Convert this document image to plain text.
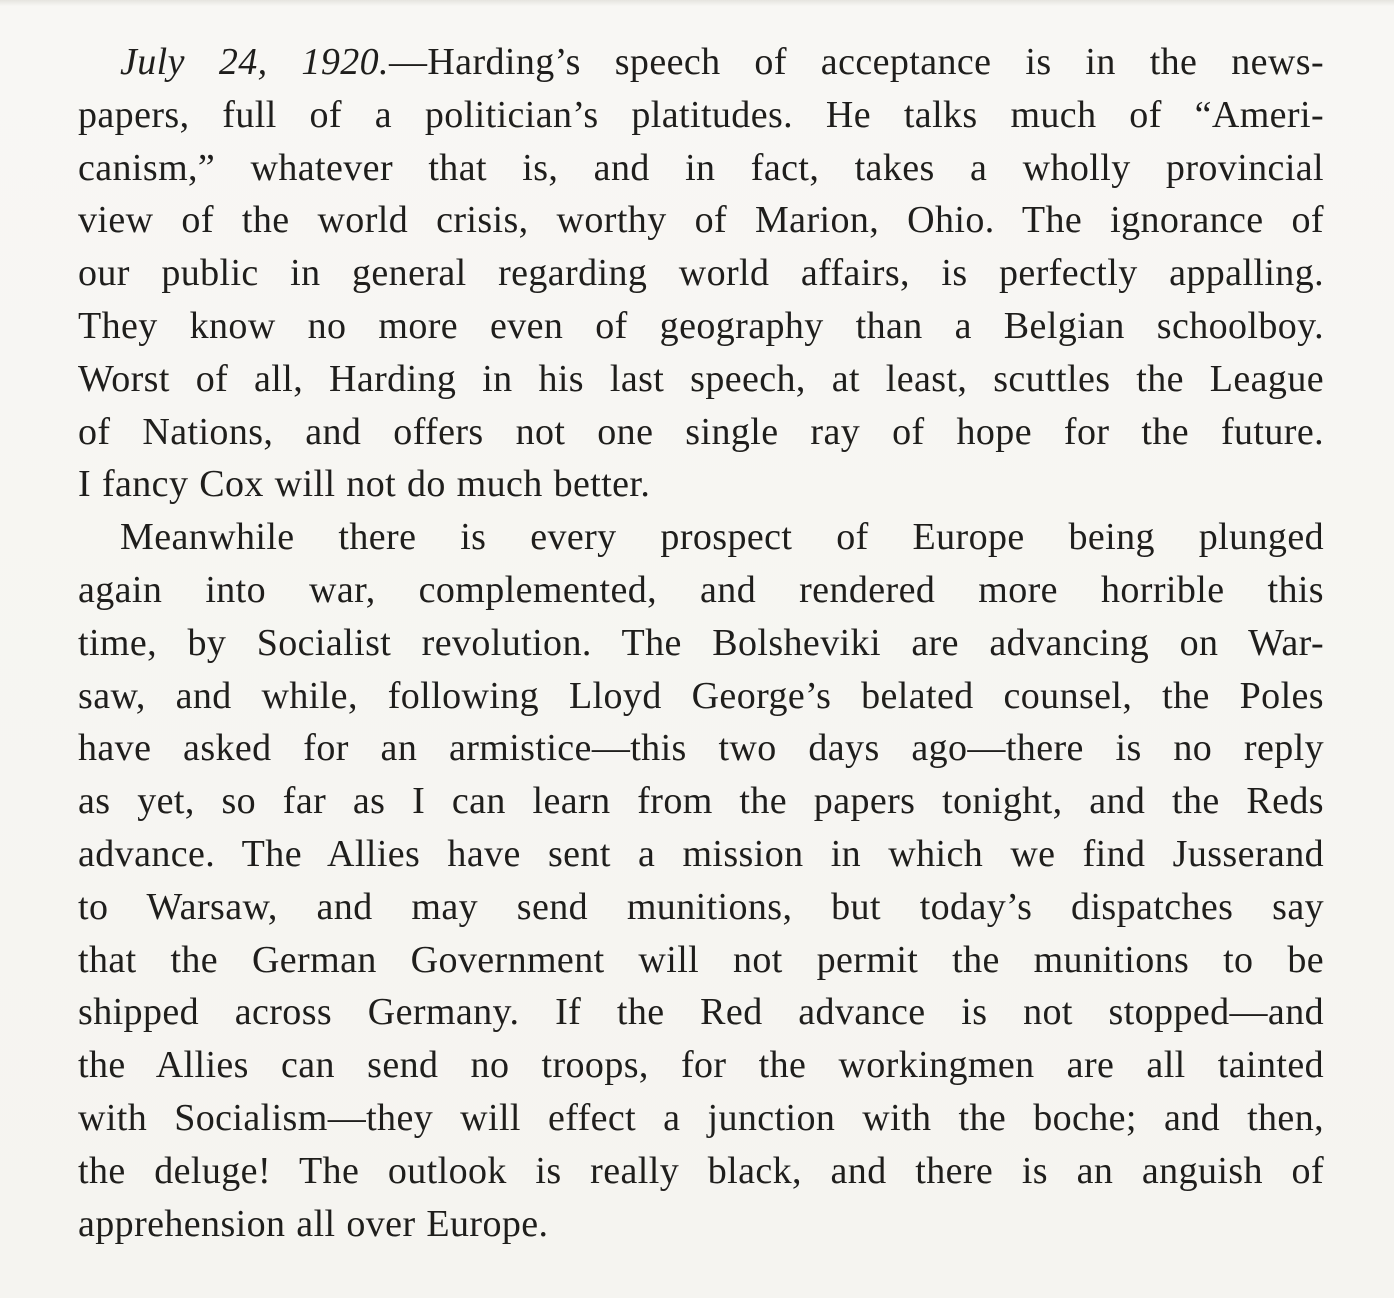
July 24, 1920.—Harding’s speech of acceptance is in the news-
papers, full of a politician’s platitudes. He talks much of “Ameri-
canism,” whatever that is, and in fact, takes a wholly provincial
view of the world crisis, worthy of Marion, Ohio. The ignorance of
our public in general regarding world affairs, is perfectly appalling.
They know no more even of geography than a Belgian schoolboy.
Worst of all, Harding in his last speech, at least, scuttles the League
of Nations, and offers not one single ray of hope for the future.
I fancy Cox will not do much better.

Meanwhile there is every prospect of Europe being plunged
again into war, complemented, and rendered more horrible this
time, by Socialist revolution. The Bolsheviki are advancing on War-
saw, and while, following Lloyd George’s belated counsel, the Poles
have asked for an armistice—this two days ago—there is no reply
as yet, so far as I can learn from the papers tonight, and the Reds
advance. The Allies have sent a mission in which we find Jusserand
to Warsaw, and may send munitions, but today’s dispatches say
that the German Government will not permit the munitions to be
shipped across Germany. If the Red advance is not stopped—and
the Allies can send no troops, for the workingmen are all tainted
with Socialism—they will effect a junction with the boche; and then,
the deluge! The outlook is really black, and there is an anguish of
apprehension all over Europe.
